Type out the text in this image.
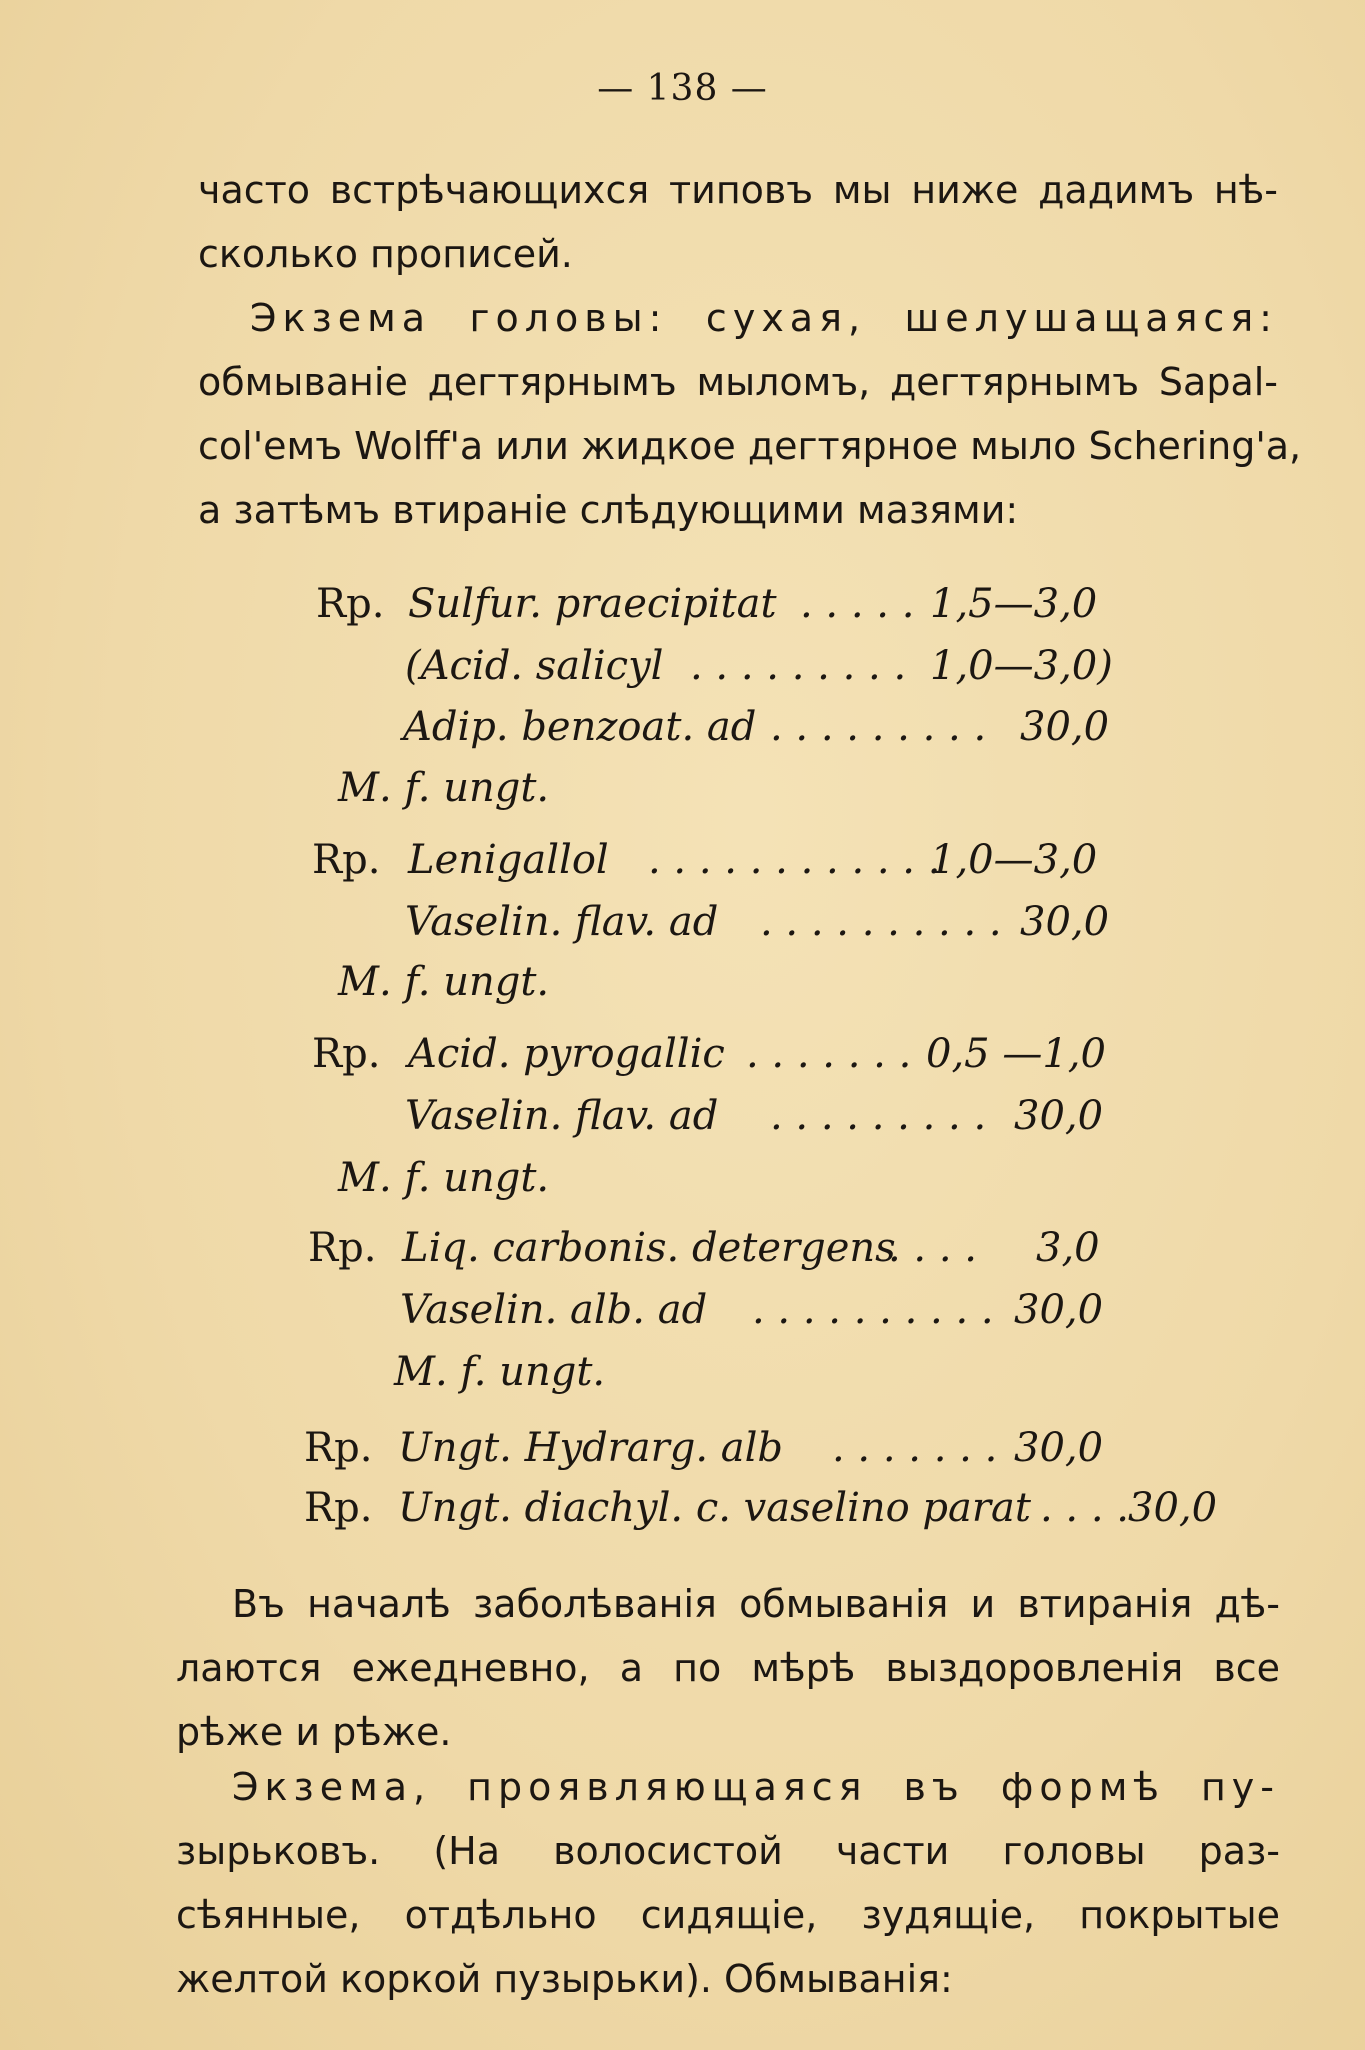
— 138 —
часто встрѣчающихся типовъ мы ниже дадимъ нѣ-
сколько прописей.
Экзема головы: сухая, шелушащаяся:
обмываніе дегтярнымъ мыломъ, дегтярнымъ Sapal-
col'емъ Wolff'а или жидкое дегтярное мыло Schering'а,
а затѣмъ втираніе слѣдующими мазями:
Rp. Sulfur. praecipitat . . . . . 1,5—3,0
(Acid. salicyl . . . . . . . . . 1,0—3,0)
Adip. benzoat. ad . . . . . . . . . 30,0
M. f. ungt.
Rp. Lenigallol . . . . . . . . . . . .
1,0—3,0
Vaselin. flav. ad . . . . . . . . . . 30,0
M. f. ungt.
Rp. Acid. pyrogallic . . . . . . . 0,5 —1,0
Vaselin. flav. ad . . . . . . . . . 30,0
M. f. ungt.
Rp. Liq. carbonis. detergens
. . . . 3,0
Vaselin. alb. ad . . . . . . . . . . 30,0
M. f. ungt.
Rp. Ungt. Hydrarg. alb . . . . . . . 30,0
Rp. Ungt. diachyl. c. vaselino parat . . . .
30,0
Въ началѣ заболѣванія обмыванія и втиранія дѣ-
лаются ежедневно, а по мѣрѣ выздоровленія все
рѣже и рѣже.
Экзема, проявляющаяся въ формѣ пу-
зырьковъ. (На волосистой части головы раз-
сѣянные, отдѣльно сидящіе, зудящіе, покрытые
желтой коркой пузырьки). Обмыванія:
